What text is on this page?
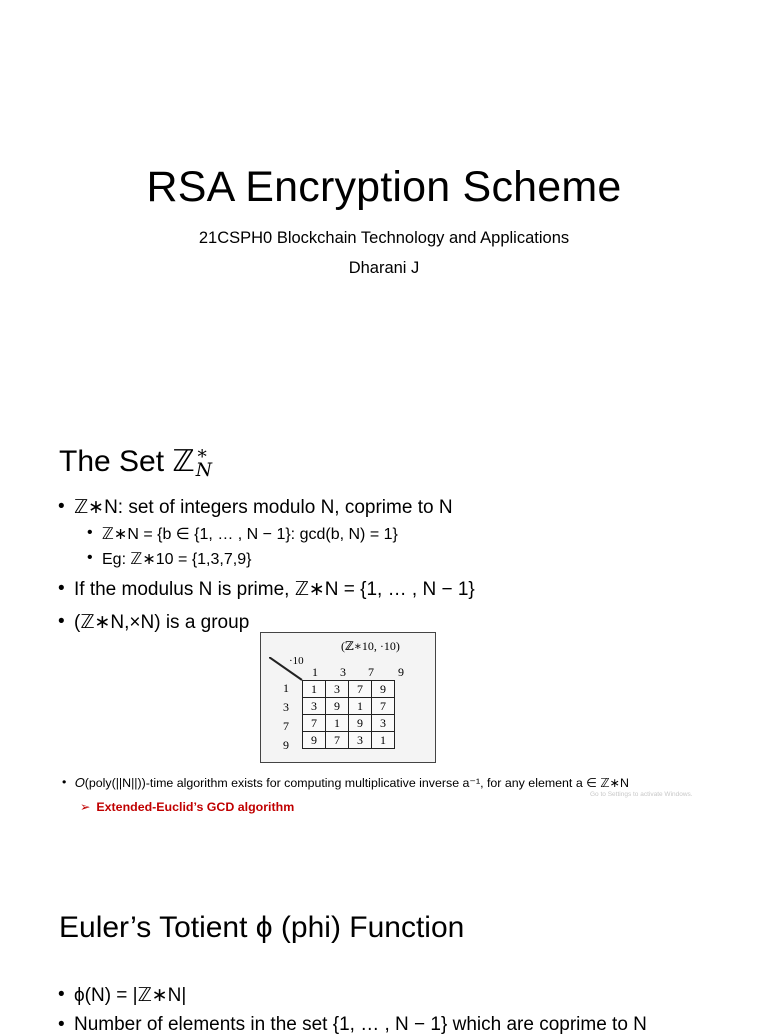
RSA Encryption Scheme
21CSPH0 Blockchain Technology and Applications
Dharani J
The Set ℤ ∗
N
• ℤ∗N: set of integers modulo N, coprime to N
• ℤ∗N = {b ∈ {1, … , N − 1}: gcd(b, N) = 1}
• Eg: ℤ∗10 = {1,3,7,9}
• If the modulus N is prime, ℤ∗N = {1, … , N − 1}
• (ℤ∗N,×N) is a group
(ℤ∗10, ·10)
·10
1 3 7 9
1
3
7
9
1	3	7	9
3	9	1	7
7	1	9	3
9	7	3	1
• 𝑂(poly(||N||))-time algorithm exists for computing multiplicative inverse a⁻¹, for any element a ∈ ℤ∗N
Go to Settings to activate Windows.
➢ Extended-Euclid’s GCD algorithm
Euler’s Totient ϕ (phi) Function
• ϕ(N) = |ℤ∗N|
• Number of elements in the set {1, … , N − 1} which are coprime to N
